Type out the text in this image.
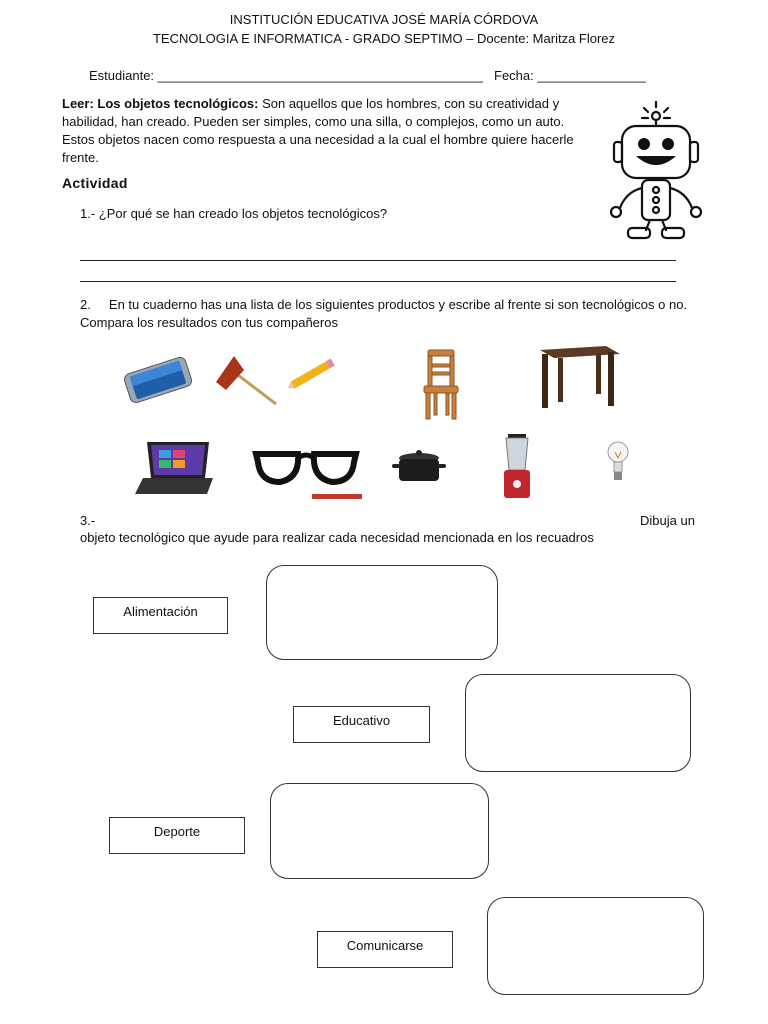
INSTITUCIÓN EDUCATIVA JOSÉ MARÍA CÓRDOVA
TECNOLOGIA E INFORMATICA - GRADO SEPTIMO – Docente: Maritza Florez
Estudiante: _____________________________________________ Fecha: _______________
Leer: Los objetos tecnológicos: Son aquellos que los hombres, con su creatividad y
habilidad, han creado. Pueden ser simples, como una silla, o complejos, como un auto.
Estos objetos nacen como respuesta a una necesidad a la cual el hombre quiere hacerle
frente.
Actividad
1.- ¿Por qué se han creado los objetos tecnológicos?
2. En tu cuaderno has una lista de los siguientes productos y escribe al frente si son tecnológicos o no.
Compara los resultados con tus compañeros
3.-	Dibuja un
objeto tecnológico que ayude para realizar cada necesidad mencionada en los recuadros
Alimentación
Educativo
Deporte
Comunicarse
